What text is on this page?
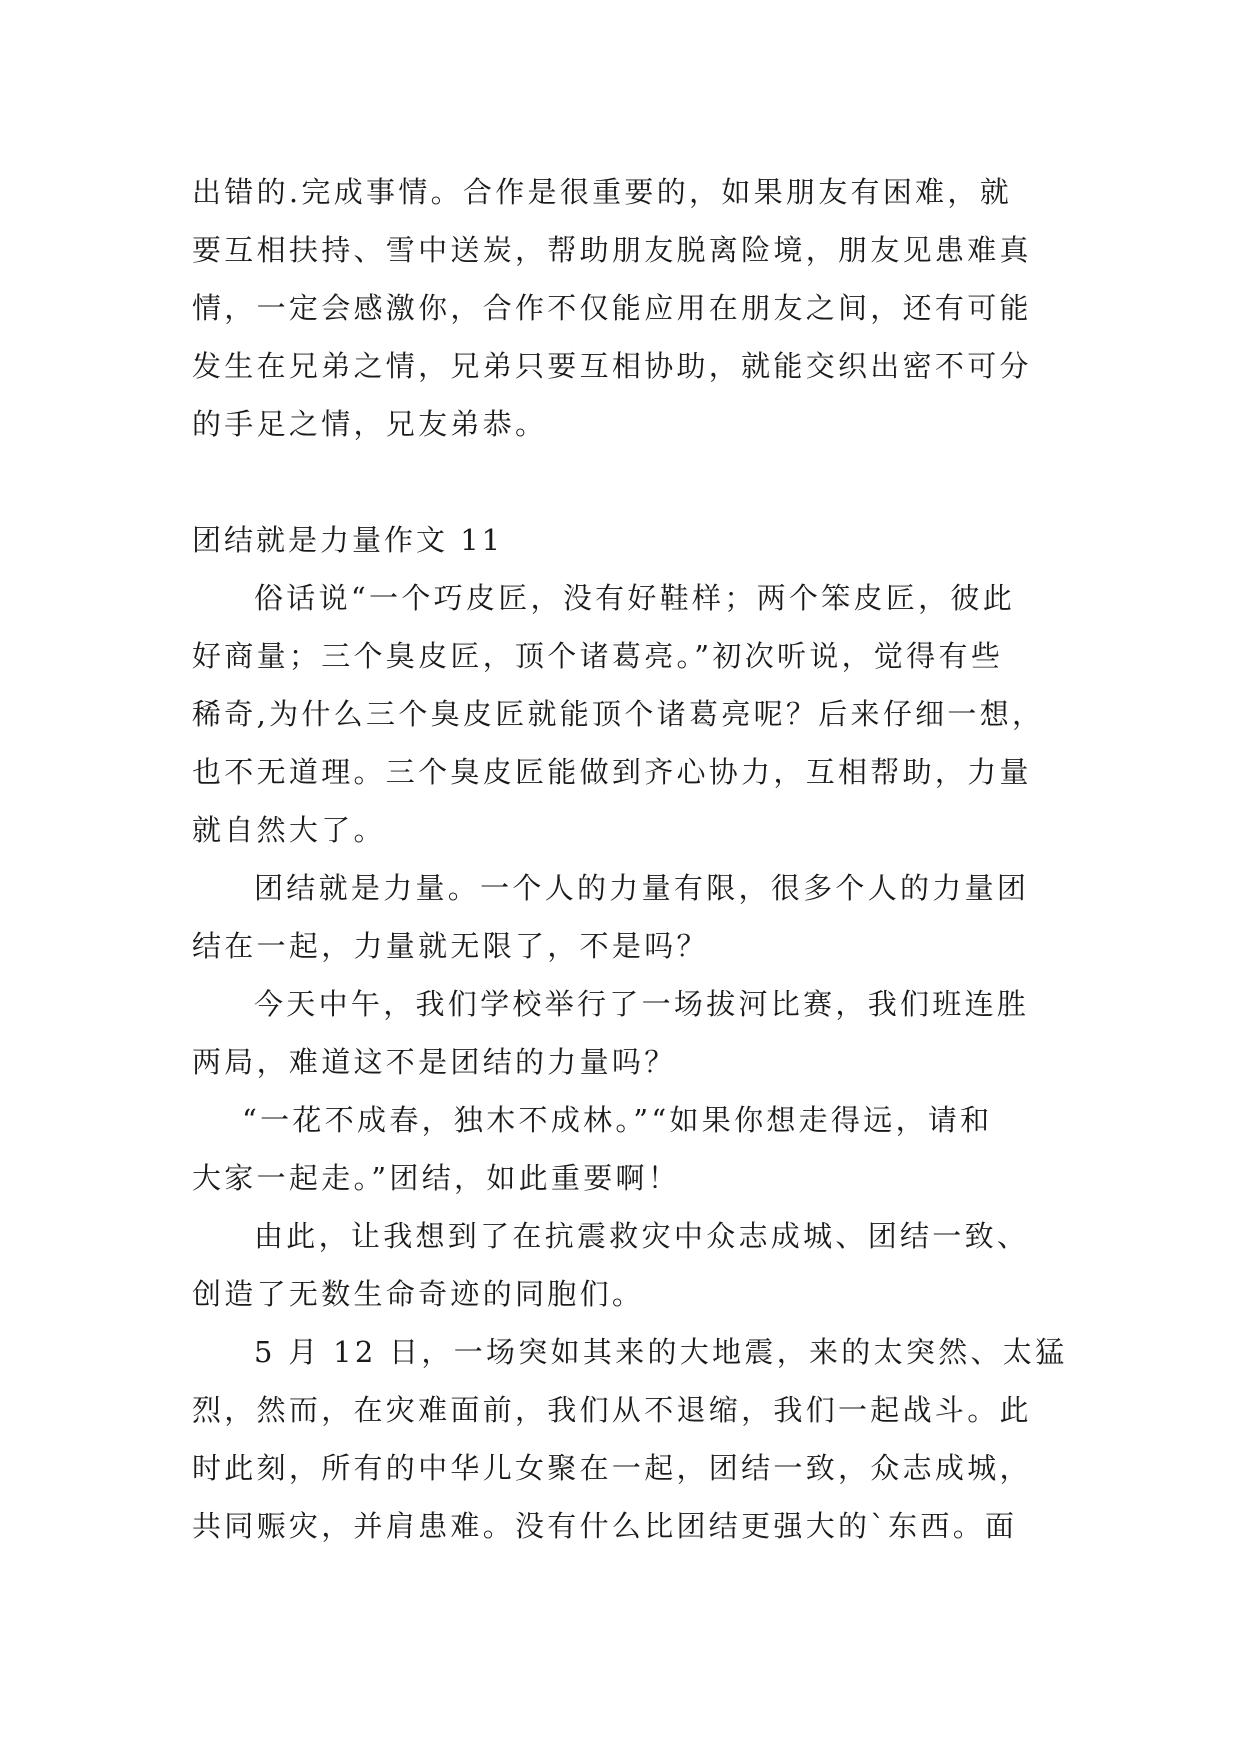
出错的.完成事情。合作是很重要的，如果朋友有困难，就
要互相扶持、雪中送炭，帮助朋友脱离险境，朋友见患难真
情，一定会感激你，合作不仅能应用在朋友之间，还有可能
发生在兄弟之情，兄弟只要互相协助，就能交织出密不可分
的手足之情，兄友弟恭。
团结就是力量作文 11
俗话说“一个巧皮匠，没有好鞋样；两个笨皮匠，彼此
好商量；三个臭皮匠，顶个诸葛亮。”初次听说，觉得有些
稀奇,为什么三个臭皮匠就能顶个诸葛亮呢？后来仔细一想，
也不无道理。三个臭皮匠能做到齐心协力，互相帮助，力量
就自然大了。
团结就是力量。一个人的力量有限，很多个人的力量团
结在一起，力量就无限了，不是吗？
今天中午，我们学校举行了一场拔河比赛，我们班连胜
两局，难道这不是团结的力量吗？
“一花不成春，独木不成林。”“如果你想走得远，请和
大家一起走。”团结，如此重要啊！
由此，让我想到了在抗震救灾中众志成城、团结一致、
创造了无数生命奇迹的同胞们。
5 月 12 日，一场突如其来的大地震，来的太突然、太猛
烈，然而，在灾难面前，我们从不退缩，我们一起战斗。此
时此刻，所有的中华儿女聚在一起，团结一致，众志成城，
共同赈灾，并肩患难。没有什么比团结更强大的`东西。面
